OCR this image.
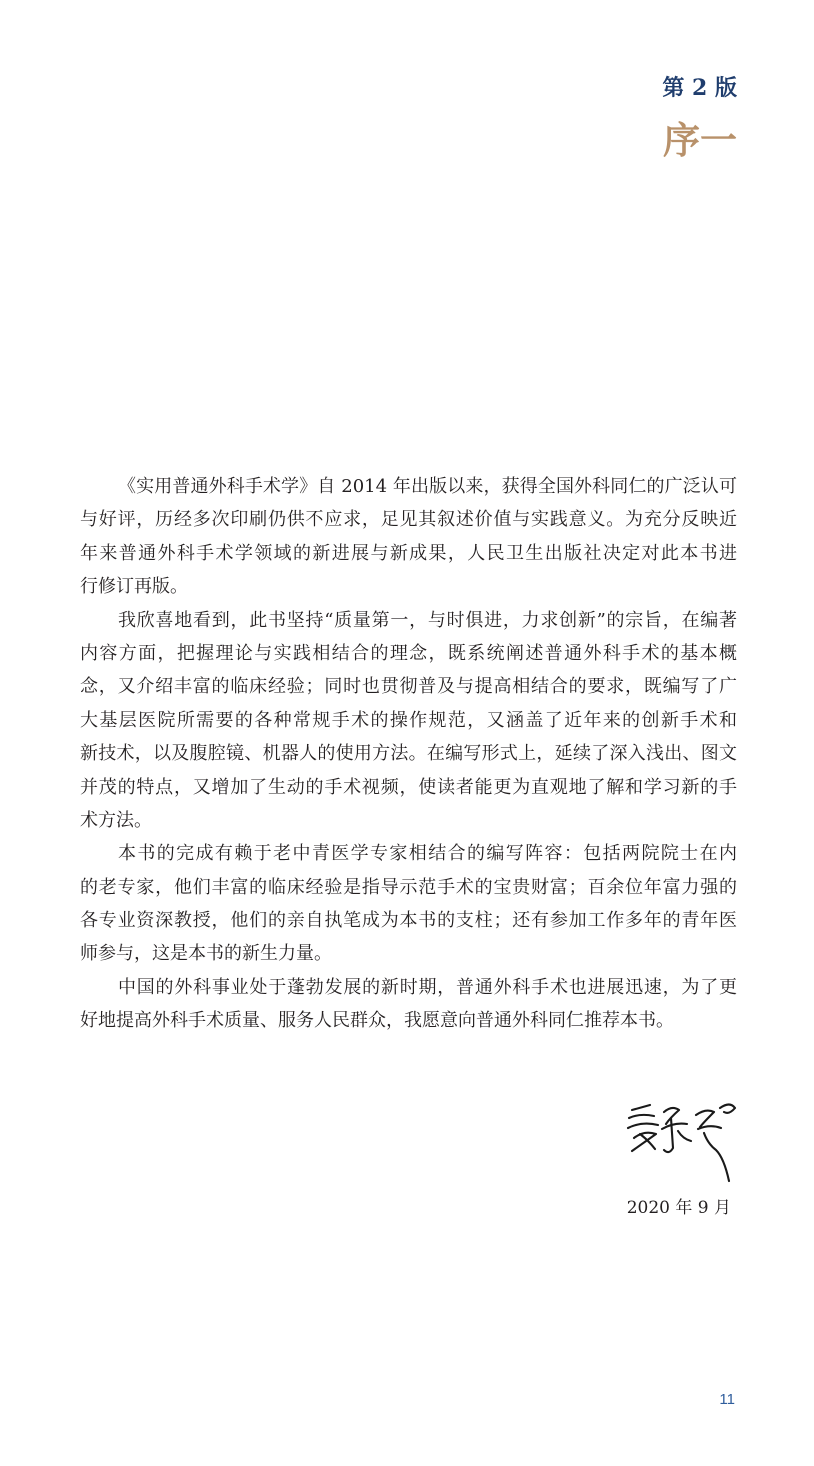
第 2 版
序一
《实用普通外科手术学》自 2014 年出版以来，获得全国外科同仁的广泛认可
与好评，历经多次印刷仍供不应求，足见其叙述价值与实践意义。为充分反映近
年来普通外科手术学领域的新进展与新成果，人民卫生出版社决定对此本书进
行修订再版。
我欣喜地看到，此书坚持“质量第一，与时俱进，力求创新”的宗旨，在编著
内容方面，把握理论与实践相结合的理念，既系统阐述普通外科手术的基本概
念，又介绍丰富的临床经验；同时也贯彻普及与提高相结合的要求，既编写了广
大基层医院所需要的各种常规手术的操作规范，又涵盖了近年来的创新手术和
新技术，以及腹腔镜、机器人的使用方法。在编写形式上，延续了深入浅出、图文
并茂的特点，又增加了生动的手术视频，使读者能更为直观地了解和学习新的手
术方法。
本书的完成有赖于老中青医学专家相结合的编写阵容：包括两院院士在内
的老专家，他们丰富的临床经验是指导示范手术的宝贵财富；百余位年富力强的
各专业资深教授，他们的亲自执笔成为本书的支柱；还有参加工作多年的青年医
师参与，这是本书的新生力量。
中国的外科事业处于蓬勃发展的新时期，普通外科手术也进展迅速，为了更
好地提高外科手术质量、服务人民群众，我愿意向普通外科同仁推荐本书。
2020 年 9 月
11
